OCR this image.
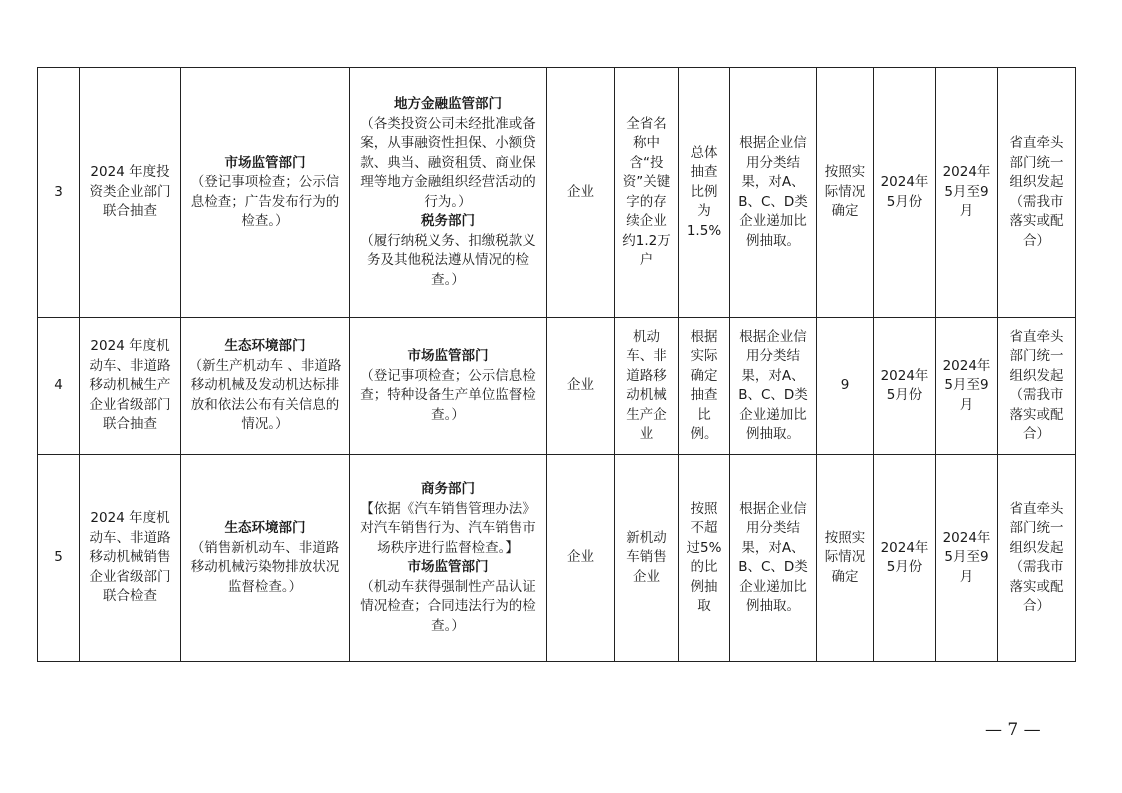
3	2024 年度投资类企业部门联合抽查	市场监管部门
（登记事项检查；公示信息检查；广告发布行为的检查。）	地方金融监管部门
（各类投资公司未经批准或备案，从事融资性担保、小额贷款、典当、融资租赁、商业保理等地方金融组织经营活动的行为。）
税务部门
（履行纳税义务、扣缴税款义务及其他税法遵从情况的检查。）	企业	全省名称中含“投资”关键字的存续企业约1.2万户	总体抽查比例为1.5%	根据企业信用分类结果，对A、B、C、D类企业递加比例抽取。	按照实际情况确定	2024年5月份	2024年5月至9月	省直牵头部门统一组织发起（需我市落实或配合）
4	2024 年度机动车、非道路移动机械生产企业省级部门联合抽查	生态环境部门
（新生产机动车 、非道路移动机械及发动机达标排放和依法公布有关信息的情况。）	市场监管部门
（登记事项检查；公示信息检查；特种设备生产单位监督检查。）	企业	机动车、非道路移动机械生产企业	根据实际确定抽查比例。	根据企业信用分类结果，对A、B、C、D类企业递加比例抽取。	9	2024年5月份	2024年5月至9月	省直牵头部门统一组织发起（需我市落实或配合）
5	2024 年度机动车、非道路移动机械销售企业省级部门联合检查	生态环境部门
（销售新机动车、非道路移动机械污染物排放状况监督检查。）	商务部门
【依据《汽车销售管理办法》对汽车销售行为、汽车销售市场秩序进行监督检查。】
市场监管部门
（机动车获得强制性产品认证情况检查；合同违法行为的检查。）	企业	新机动车销售企业	按照不超过5%的比例抽取	根据企业信用分类结果，对A、B、C、D类企业递加比例抽取。	按照实际情况确定	2024年5月份	2024年5月至9月	省直牵头部门统一组织发起（需我市落实或配合）
— 7 —
